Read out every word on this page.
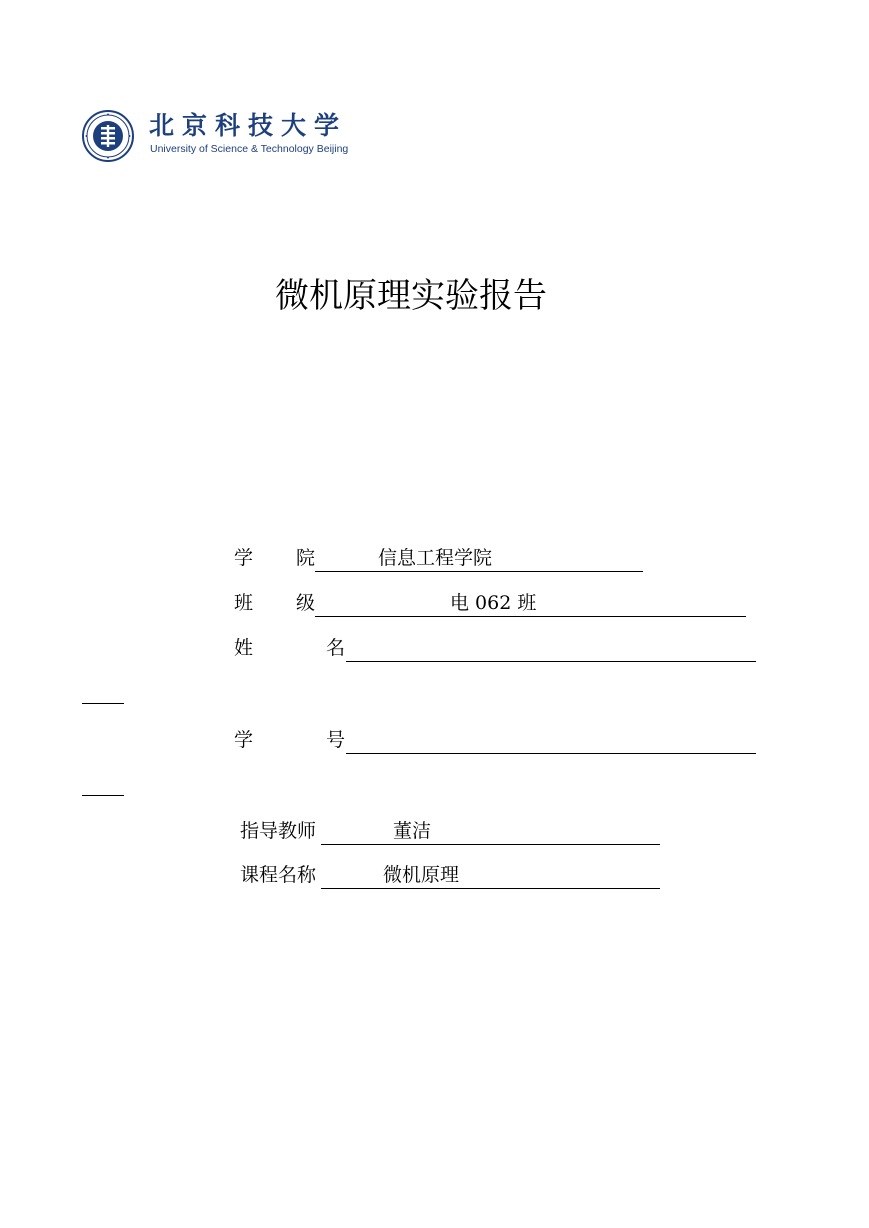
北京科技大学
University of Science & Technology Beijing
微机原理实验报告
学 院	信息工程学院
班 级	电 062 班
姓	名
学	号
指导教师	董洁
课程名称	微机原理
